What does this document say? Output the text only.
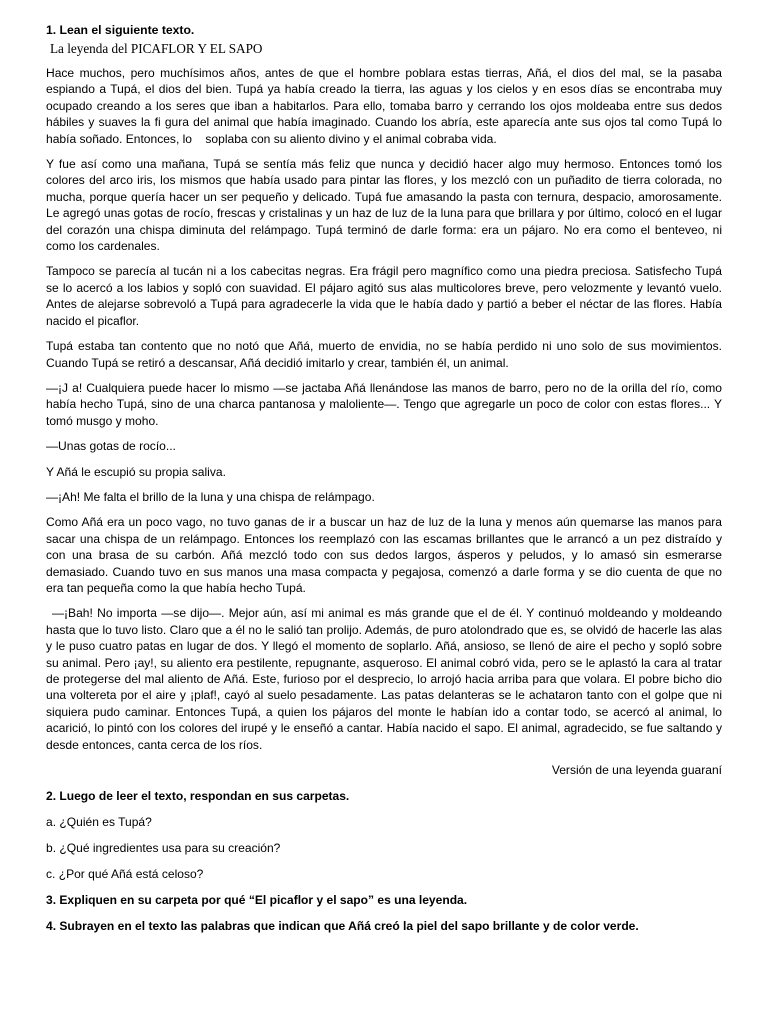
1. Lean el siguiente texto.

La leyenda del PICAFLOR Y EL SAPO

Hace muchos, pero muchísimos años, antes de que el hombre poblara estas tierras, Añá, el dios del mal, se la pasaba espiando a Tupá, el dios del bien. Tupá ya había creado la tierra, las aguas y los cielos y en esos días se encontraba muy ocupado creando a los seres que iban a habitarlos. Para ello, tomaba barro y cerrando los ojos moldeaba entre sus dedos hábiles y suaves la fi gura del animal que había imaginado. Cuando los abría, este aparecía ante sus ojos tal como Tupá lo había soñado. Entonces, lo    soplaba con su aliento divino y el animal cobraba vida.

Y fue así como una mañana, Tupá se sentía más feliz que nunca y decidió hacer algo muy hermoso. Entonces tomó los colores del arco iris, los mismos que había usado para pintar las flores, y los mezcló con un puñadito de tierra colorada, no mucha, porque quería hacer un ser pequeño y delicado. Tupá fue amasando la pasta con ternura, despacio, amorosamente. Le agregó unas gotas de rocío, frescas y cristalinas y un haz de luz de la luna para que brillara y por último, colocó en el lugar del corazón una chispa diminuta del relámpago. Tupá terminó de darle forma: era un pájaro. No era como el benteveo, ni como los cardenales.

Tampoco se parecía al tucán ni a los cabecitas negras. Era frágil pero magnífico como una piedra preciosa. Satisfecho Tupá se lo acercó a los labios y sopló con suavidad. El pájaro agitó sus alas multicolores breve, pero velozmente y levantó vuelo. Antes de alejarse sobrevoló a Tupá para agradecerle la vida que le había dado y partió a beber el néctar de las flores. Había nacido el picaflor.

Tupá estaba tan contento que no notó que Añá, muerto de envidia, no se había perdido ni uno solo de sus movimientos. Cuando Tupá se retiró a descansar, Añá decidió imitarlo y crear, también él, un animal.

—¡J a! Cualquiera puede hacer lo mismo —se jactaba Añá llenándose las manos de barro, pero no de la orilla del río, como había hecho Tupá, sino de una charca pantanosa y maloliente—. Tengo que agregarle un poco de color con estas flores... Y tomó musgo y moho.

—Unas gotas de rocío...

Y Añá le escupió su propia saliva.

—¡Ah! Me falta el brillo de la luna y una chispa de relámpago.

Como Añá era un poco vago, no tuvo ganas de ir a buscar un haz de luz de la luna y menos aún quemarse las manos para sacar una chispa de un relámpago. Entonces los reemplazó con las escamas brillantes que le arrancó a un pez distraído y con una brasa de su carbón. Añá mezcló todo con sus dedos largos, ásperos y peludos, y lo amasó sin esmerarse demasiado. Cuando tuvo en sus manos una masa compacta y pegajosa, comenzó a darle forma y se dio cuenta de que no era tan pequeña como la que había hecho Tupá.

—¡Bah! No importa —se dijo—. Mejor aún, así mi animal es más grande que el de él. Y continuó moldeando y moldeando hasta que lo tuvo listo. Claro que a él no le salió tan prolijo. Además, de puro atolondrado que es, se olvidó de hacerle las alas y le puso cuatro patas en lugar de dos. Y llegó el momento de soplarlo. Añá, ansioso, se llenó de aire el pecho y sopló sobre su animal. Pero ¡ay!, su aliento era pestilente, repugnante, asqueroso. El animal cobró vida, pero se le aplastó la cara al tratar de protegerse del mal aliento de Añá. Este, furioso por el desprecio, lo arrojó hacia arriba para que volara. El pobre bicho dio una voltereta por el aire y ¡plaf!, cayó al suelo pesadamente. Las patas delanteras se le achataron tanto con el golpe que ni siquiera pudo caminar. Entonces Tupá, a quien los pájaros del monte le habían ido a contar todo, se acercó al animal, lo acarició, lo pintó con los colores del irupé y le enseñó a cantar. Había nacido el sapo. El animal, agradecido, se fue saltando y desde entonces, canta cerca de los ríos.

Versión de una leyenda guaraní

2. Luego de leer el texto, respondan en sus carpetas.

a. ¿Quién es Tupá?

b. ¿Qué ingredientes usa para su creación?

c. ¿Por qué Añá está celoso?

3. Expliquen en su carpeta por qué “El picaflor y el sapo” es una leyenda.

4. Subrayen en el texto las palabras que indican que Añá creó la piel del sapo brillante y de color verde.
